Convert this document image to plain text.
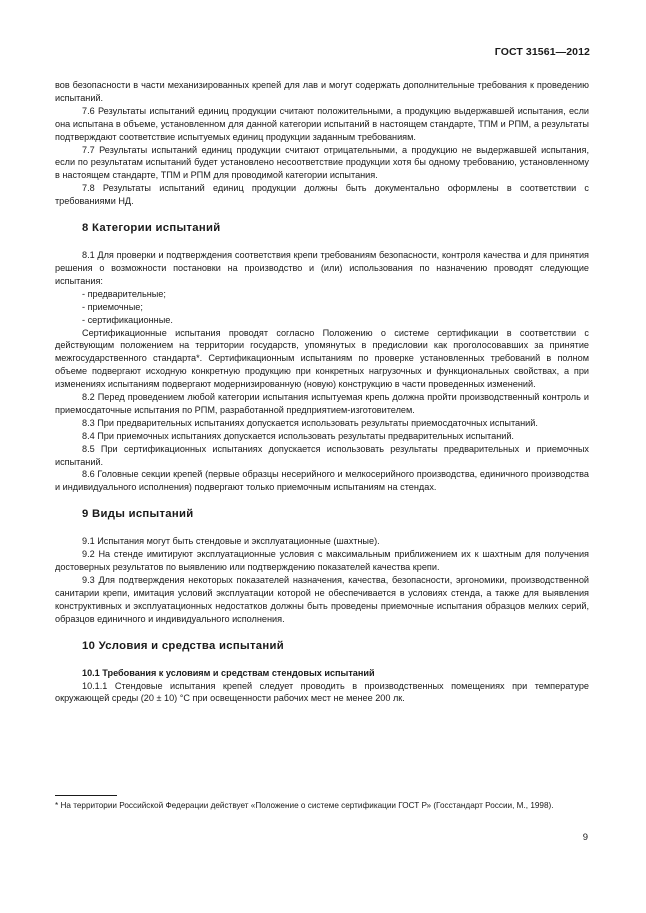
ГОСТ 31561—2012

вов безопасности в части механизированных крепей для лав и могут содержать дополнительные требования к проведению испытаний.

7.6 Результаты испытаний единиц продукции считают положительными, а продукцию выдержавшей испытания, если она испытана в объеме, установленном для данной категории испытаний в настоящем стандарте, ТПМ и РПМ, а результаты подтверждают соответствие испытуемых единиц продукции заданным требованиям.

7.7 Результаты испытаний единиц продукции считают отрицательными, а продукцию не выдержавшей испытания, если по результатам испытаний будет установлено несоответствие продукции хотя бы одному требованию, установленному в настоящем стандарте, ТПМ и РПМ для проводимой категории испытания.

7.8 Результаты испытаний единиц продукции должны быть документально оформлены в соответствии с требованиями НД.

8 Категории испытаний

8.1 Для проверки и подтверждения соответствия крепи требованиям безопасности, контроля качества и для принятия решения о возможности постановки на производство и (или) использования по назначению проводят следующие испытания:

- предварительные;

- приемочные;

- сертификационные.

Сертификационные испытания проводят согласно Положению о системе сертификации в соответствии с действующим положением на территории государств, упомянутых в предисловии как проголосовавших за принятие межгосударственного стандарта*. Сертификационным испытаниям по проверке установленных требований в полном объеме подвергают исходную конкретную продукцию при конкретных нагрузочных и функциональных свойствах, а при изменениях испытаниям подвергают модернизированную (новую) конструкцию в части проведенных изменений.

8.2 Перед проведением любой категории испытания испытуемая крепь должна пройти производственный контроль и приемосдаточные испытания по РПМ, разработанной предприятием-изготовителем.

8.3 При предварительных испытаниях допускается использовать результаты приемосдаточных испытаний.

8.4 При приемочных испытаниях допускается использовать результаты предварительных испытаний.

8.5 При сертификационных испытаниях допускается использовать результаты предварительных и приемочных испытаний.

8.6 Головные секции крепей (первые образцы несерийного и мелкосерийного производства, единичного производства и индивидуального исполнения) подвергают только приемочным испытаниям на стендах.

9 Виды испытаний

9.1 Испытания могут быть стендовые и эксплуатационные (шахтные).

9.2 На стенде имитируют эксплуатационные условия с максимальным приближением их к шахтным для получения достоверных результатов по выявлению или подтверждению показателей качества крепи.

9.3 Для подтверждения некоторых показателей назначения, качества, безопасности, эргономики, производственной санитарии крепи, имитация условий эксплуатации которой не обеспечивается в условиях стенда, а также для выявления конструктивных и эксплуатационных недостатков должны быть проведены приемочные испытания образцов мелких серий, образцов единичного и индивидуального исполнения.

10 Условия и средства испытаний

10.1 Требования к условиям и средствам стендовых испытаний

10.1.1 Стендовые испытания крепей следует проводить в производственных помещениях при температуре окружающей среды (20 ± 10) °С при освещенности рабочих мест не менее 200 лк.

* На территории Российской Федерации действует «Положение о системе сертификации ГОСТ Р» (Госстандарт России, М., 1998).
9
